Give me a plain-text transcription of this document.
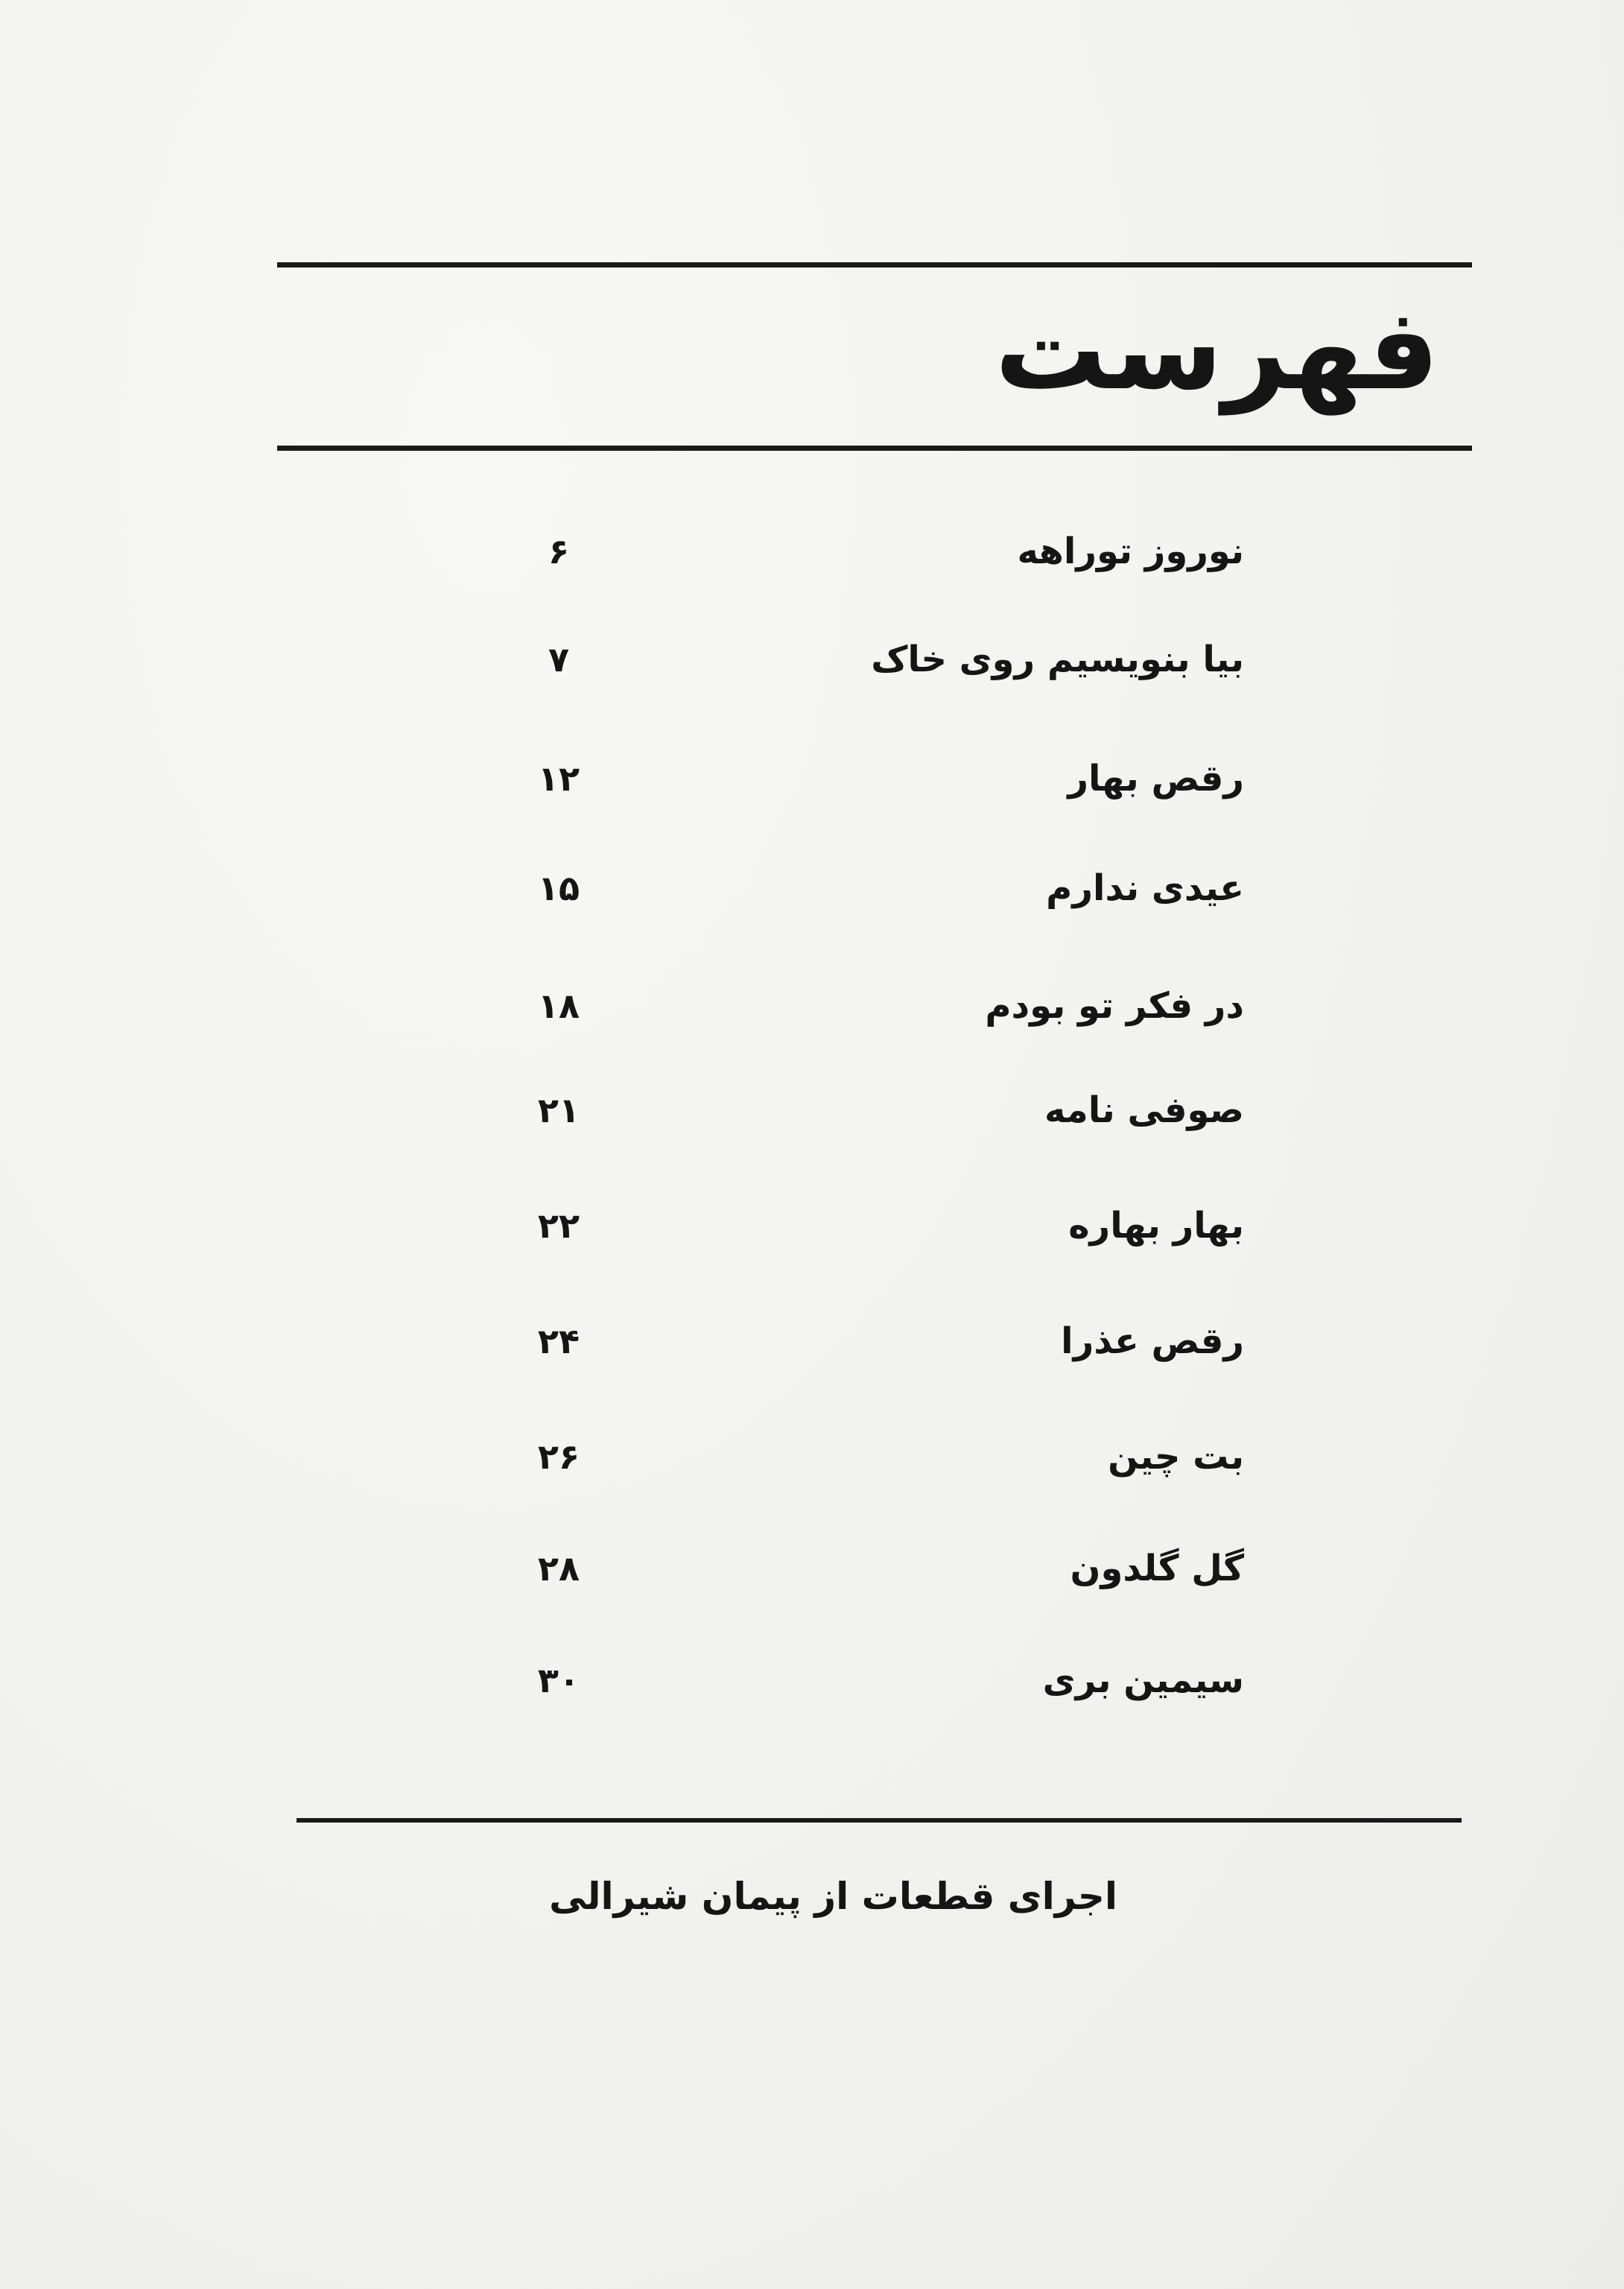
فهرست
نوروز توراهه
۶
بیا بنویسیم روی خاک
۷
رقص بهار
۱۲
عیدی ندارم
۱۵
در فکر تو بودم
۱۸
صوفی نامه
۲۱
بهار بهاره
۲۲
رقص عذرا
۲۴
بت چین
۲۶
گل گلدون
۲۸
سیمین بری
۳۰
اجرای قطعات از پیمان شیرالی
